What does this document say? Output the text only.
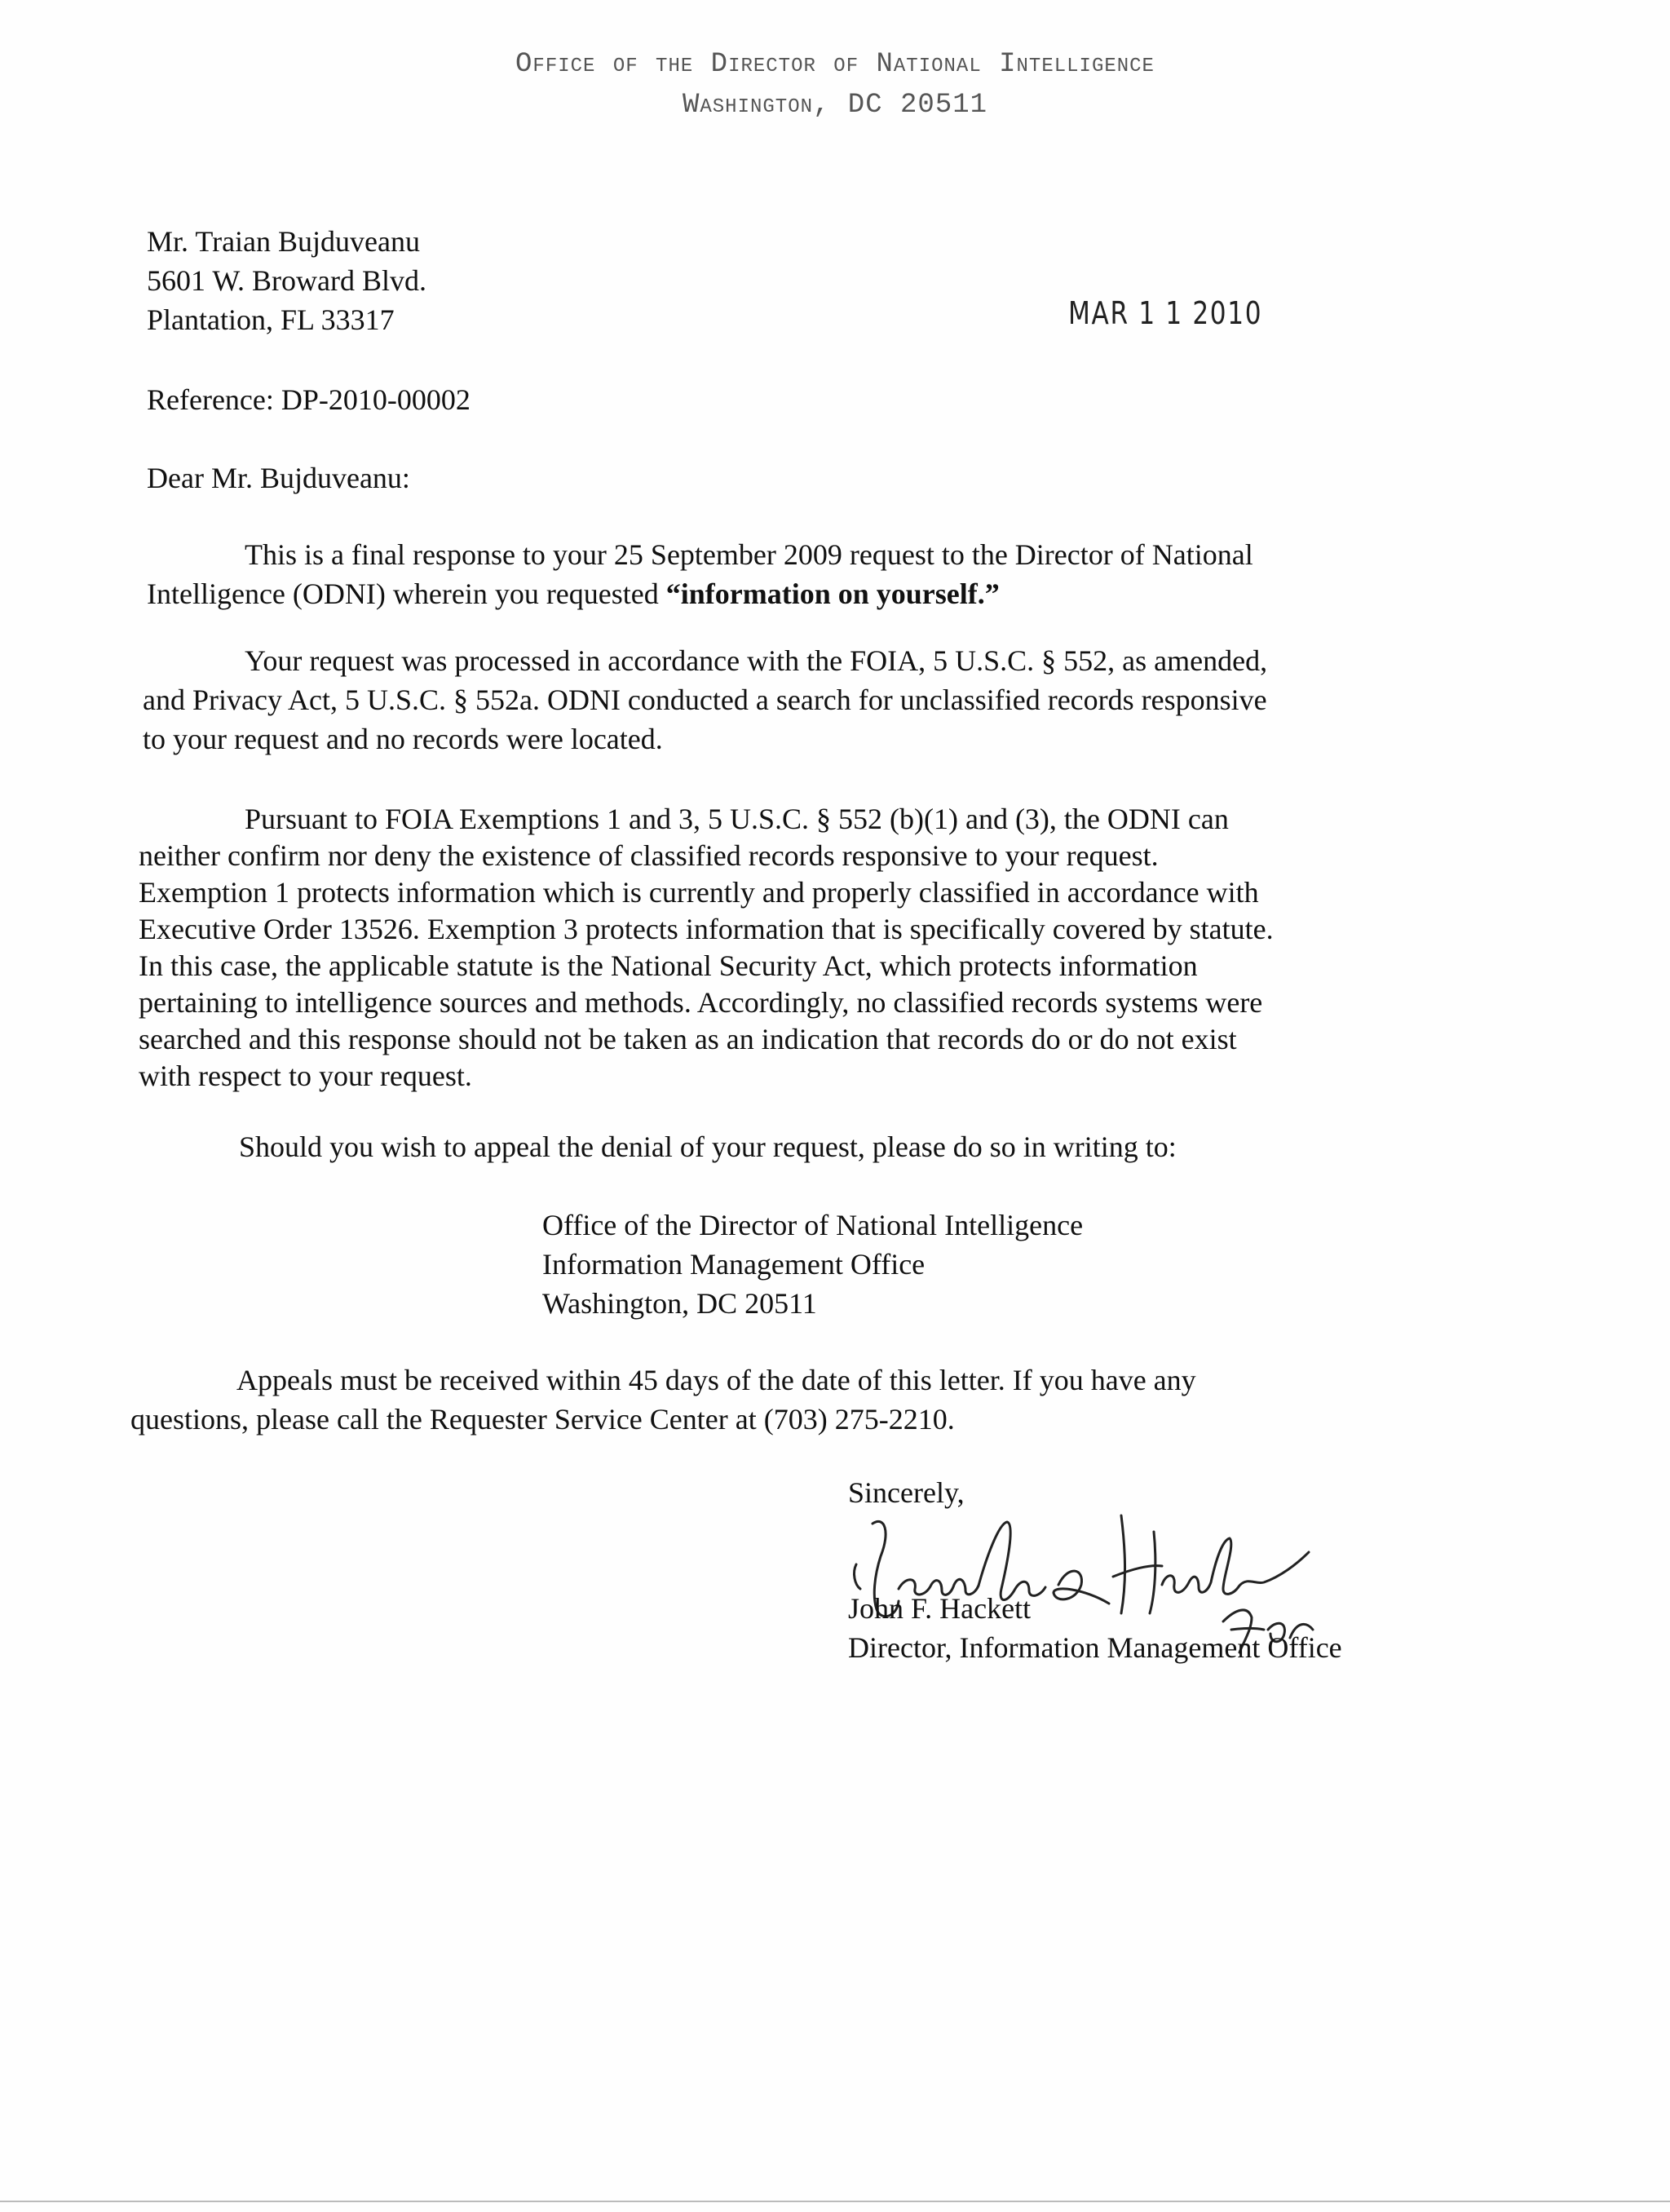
Office of the Director of National Intelligence
Washington, DC 20511
Mr. Traian Bujduveanu
5601 W. Broward Blvd.
Plantation, FL 33317	MAR 1 1 2010
Reference: DP-2010-00002
Dear Mr. Bujduveanu:
This is a final response to your 25 September 2009 request to the Director of National
Intelligence (ODNI) wherein you requested “information on yourself.”
Your request was processed in accordance with the FOIA, 5 U.S.C. § 552, as amended,
and Privacy Act, 5 U.S.C. § 552a. ODNI conducted a search for unclassified records responsive
to your request and no records were located.
Pursuant to FOIA Exemptions 1 and 3, 5 U.S.C. § 552 (b)(1) and (3), the ODNI can
neither confirm nor deny the existence of classified records responsive to your request.
Exemption 1 protects information which is currently and properly classified in accordance with
Executive Order 13526. Exemption 3 protects information that is specifically covered by statute.
In this case, the applicable statute is the National Security Act, which protects information
pertaining to intelligence sources and methods. Accordingly, no classified records systems were
searched and this response should not be taken as an indication that records do or do not exist
with respect to your request.
Should you wish to appeal the denial of your request, please do so in writing to:
Office of the Director of National Intelligence
Information Management Office
Washington, DC 20511
Appeals must be received within 45 days of the date of this letter. If you have any
questions, please call the Requester Service Center at (703) 275-2210.
Sincerely,
John F. Hackett
Director, Information Management Office
